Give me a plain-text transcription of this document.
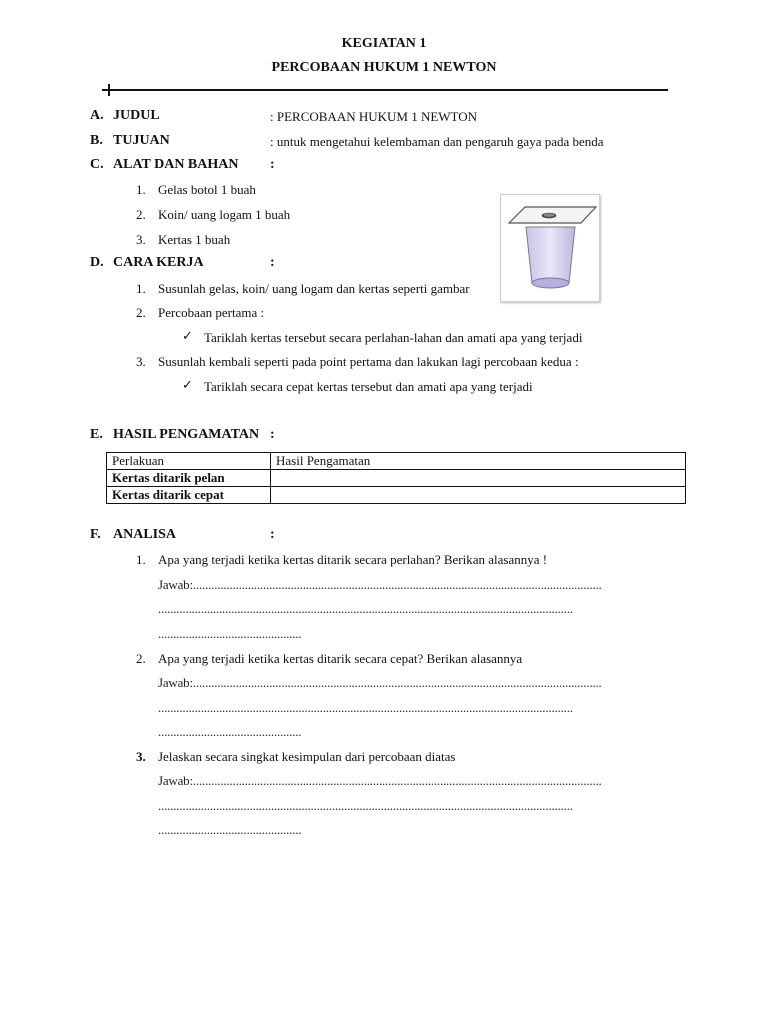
KEGIATAN 1
PERCOBAAN HUKUM 1 NEWTON
A. JUDUL	: PERCOBAAN HUKUM 1 NEWTON
B. TUJUAN	: untuk mengetahui kelembaman dan pengaruh gaya pada benda
C. ALAT DAN BAHAN :
1. Gelas botol 1 buah
2. Koin/ uang logam 1 buah
3. Kertas 1 buah
D. CARA KERJA	:
1. Susunlah gelas, koin/ uang logam dan kertas seperti gambar
2. Percobaan pertama :
✓ Tariklah kertas tersebut secara perlahan-lahan dan amati apa yang terjadi
3. Susunlah kembali seperti pada point pertama dan lakukan lagi percobaan kedua :
✓ Tariklah secara cepat kertas tersebut dan amati apa yang terjadi
E. HASIL PENGAMATAN :
Perlakuan	Hasil Pengamatan
Kertas ditarik pelan	
Kertas ditarik cepat	
F. ANALISA	:
1. Apa yang terjadi ketika kertas ditarik secara perlahan? Berikan alasannya !
Jawab:......................................................................................................................................
........................................................................................................................................
...............................................
2. Apa yang terjadi ketika kertas ditarik secara cepat? Berikan alasannya
Jawab:......................................................................................................................................
........................................................................................................................................
...............................................
3. Jelaskan secara singkat kesimpulan dari percobaan diatas
Jawab:......................................................................................................................................
........................................................................................................................................
...............................................
